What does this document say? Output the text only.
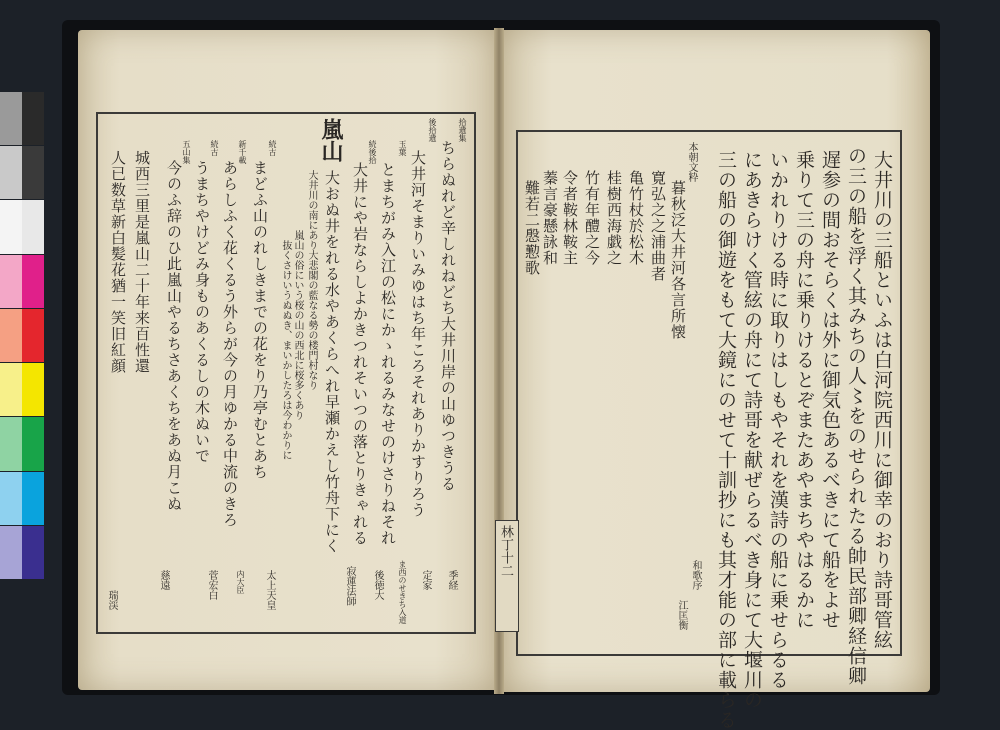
嵐山	拾遺集
ちらぬれど辛しれねどち大井川岸の山ゆつきうる
後拾遺
大井河そまりいみゆはち年ころそれありかすりろう
玉葉
とまちがみ入江の松にかゝれるみなせのけさりねそれ
続後拾
大井にや岩ならしよかきつれそいつの落とりきゃれる
大おぬ井をれる水やあくらへれ早瀬かえし竹舟下にく
大井川の南にあり大悲閣の藍なる勢の楼門村なり
嵐山の俗にいう桜の山の西北に桜多くあり
抜くさけいうぬぬき、まいかしたろは今わかりに
続古
まどふ山のれしきまでの花をり乃亭むとあち
新千載
あらしふく花くるう外らが今の月ゆかる中流のきろ
続古
うまちやけどみ身ものあくるしの木ぬいで
五山集
今のふ辞のひ此嵐山やるちさあくちをあぬ月こぬ
城西三里是嵐山二十年来百性還
人已数草新白髪花猶一笑旧紅顔
季経
定家
ま西のせきち入道
後徳大
寂蓮法師
太上天皇
内大臣
菅宏白
慈遠
瑞渓
林丁十二	大井川の三船といふは白河院西川に御幸のおり詩哥管絃
の三の船を浮く其みちの人〻をのせられたる帥民部卿経信卿
遅参の間おそらくは外に御気色あるべきにて船をよせ
乗りて三の舟に乗りけるとぞまたあやまちやはるかに
いかれりける時に取りはしもやそれを漢詩の船に乗せらるる
にあきらけく管絃の舟にて詩哥を献ぜらるべき身にて大堰川の
三の船の御遊をもて大鏡にのせて十訓抄にも其才能の部に載らる
本朝文粋
暮秋泛大井河各言所懐
寛弘之之浦曲者
亀竹杖於松木
桂樹西海戯之
竹有年醴之今
令者鞍林鞍主
蓁言豪懸詠和
難若二慇懃歌
和歌序
江匡衡
